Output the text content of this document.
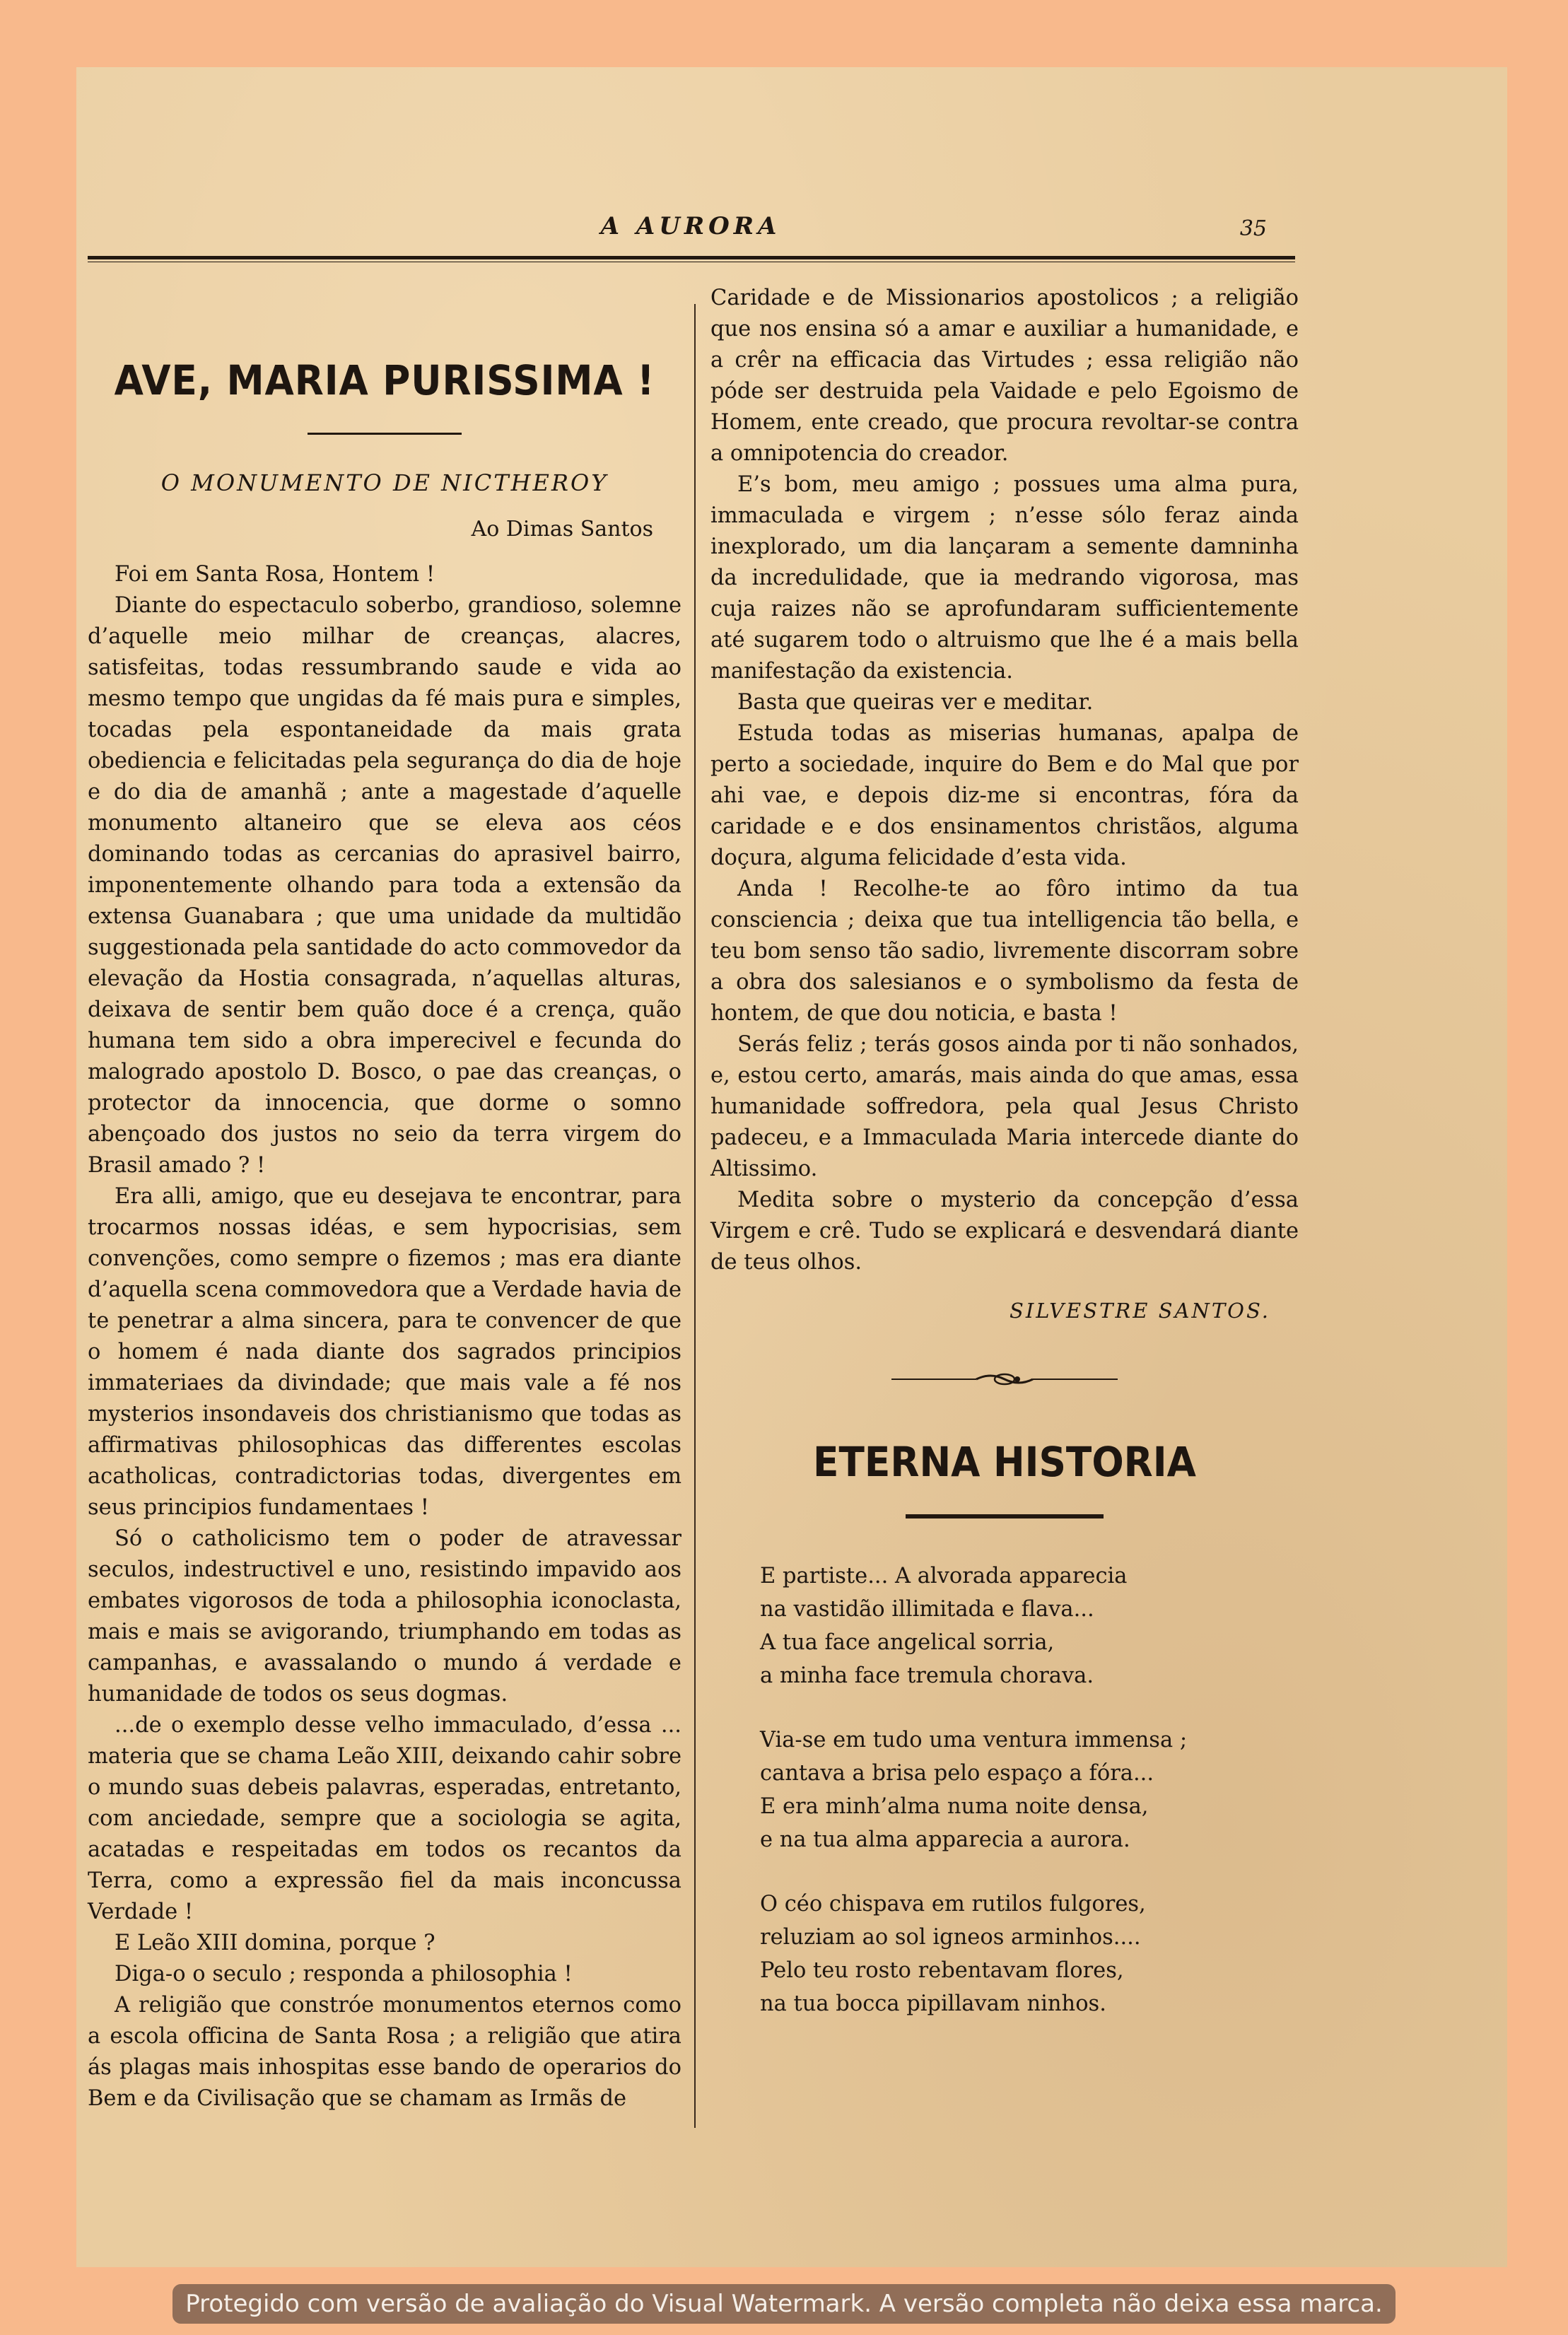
A AURORA	35
AVE, MARIA PURISSIMA !
O MONUMENTO DE NICTHEROY
Ao Dimas Santos

Foi em Santa Rosa, Hontem !

Diante do espectaculo soberbo, grandioso, solemne d’aquelle meio milhar de creanças, alacres, satisfeitas, todas ressumbrando saude e vida ao mesmo tempo que ungidas da fé mais pura e simples, tocadas pela espontaneidade da mais grata obediencia e felicitadas pela segurança do dia de hoje e do dia de amanhã ; ante a magestade d’aquelle monumento altaneiro que se eleva aos céos dominando todas as cercanias do aprasivel bairro, imponentemente olhando para toda a extensão da extensa Guanabara ; que uma unidade da multidão suggestionada pela santidade do acto commovedor da elevação da Hostia consagrada, n’aquellas alturas, deixava de sentir bem quão doce é a crença, quão humana tem sido a obra imperecivel e fecunda do malogrado apostolo D. Bosco, o pae das creanças, o protector da innocencia, que dorme o somno abençoado dos justos no seio da terra virgem do Brasil amado ? !

Era alli, amigo, que eu desejava te encontrar, para trocarmos nossas idéas, e sem hypocrisias, sem convenções, como sempre o fizemos ; mas era diante d’aquella scena commovedora que a Verdade havia de te penetrar a alma sincera, para te convencer de que o homem é nada diante dos sagrados principios immateriaes da divindade; que mais vale a fé nos mysterios insondaveis dos christianismo que todas as affirmativas philosophicas das differentes escolas acatholicas, contradictorias todas, divergentes em seus principios fundamentaes !

Só o catholicismo tem o poder de atravessar seculos, indestructivel e uno, resistindo impavido aos embates vigorosos de toda a philosophia iconoclasta, mais e mais se avigorando, triumphando em todas as campanhas, e avassalando o mundo á verdade e humanidade de todos os seus dogmas.

...de o exemplo desse velho immaculado, d’essa ... materia que se chama Leão XIII, deixando cahir sobre o mundo suas debeis palavras, esperadas, entretanto, com anciedade, sempre que a sociologia se agita, acatadas e respeitadas em todos os recantos da Terra, como a expressão fiel da mais inconcussa Verdade !

E Leão XIII domina, porque ?

Diga-o o seculo ; responda a philosophia !

A religião que constróe monumentos eternos como a escola officina de Santa Rosa ; a religião que atira ás plagas mais inhospitas esse bando de operarios do Bem e da Civilisação que se chamam as Irmãs de

Caridade e de Missionarios apostolicos ; a religião que nos ensina só a amar e auxiliar a humanidade, e a crêr na efficacia das Virtudes ; essa religião não póde ser destruida pela Vaidade e pelo Egoismo de Homem, ente creado, que procura revoltar-se contra a omnipotencia do creador.

E’s bom, meu amigo ; possues uma alma pura, immaculada e virgem ; n’esse sólo feraz ainda inexplorado, um dia lançaram a semente damninha da incredulidade, que ia medrando vigorosa, mas cuja raizes não se aprofundaram sufficientemente até sugarem todo o altruismo que lhe é a mais bella manifestação da existencia.

Basta que queiras ver e meditar.

Estuda todas as miserias humanas, apalpa de perto a sociedade, inquire do Bem e do Mal que por ahi vae, e depois diz-me si encontras, fóra da caridade e e dos ensinamentos christãos, alguma doçura, alguma felicidade d’esta vida.

Anda ! Recolhe-te ao fôro intimo da tua consciencia ; deixa que tua intelligencia tão bella, e teu bom senso tão sadio, livremente discorram sobre a obra dos salesianos e o symbolismo da festa de hontem, de que dou noticia, e basta !

Serás feliz ; terás gosos ainda por ti não sonhados, e, estou certo, amarás, mais ainda do que amas, essa humanidade soffredora, pela qual Jesus Christo padeceu, e a Immaculada Maria intercede diante do Altissimo.

Medita sobre o mysterio da concepção d’essa Virgem e crê. Tudo se explicará e desvendará diante de teus olhos.

SILVESTRE SANTOS.
ETERNA HISTORIA
E partiste... A alvorada apparecia
na vastidão illimitada e flava...
A tua face angelical sorria,
a minha face tremula chorava.
Via-se em tudo uma ventura immensa ;
cantava a brisa pelo espaço a fóra...
E era minh’alma numa noite densa,
e na tua alma apparecia a aurora.
O céo chispava em rutilos fulgores,
reluziam ao sol igneos arminhos....
Pelo teu rosto rebentavam flores,
na tua bocca pipillavam ninhos.
Protegido com versão de avaliação do Visual Watermark. A versão completa não deixa essa marca.
